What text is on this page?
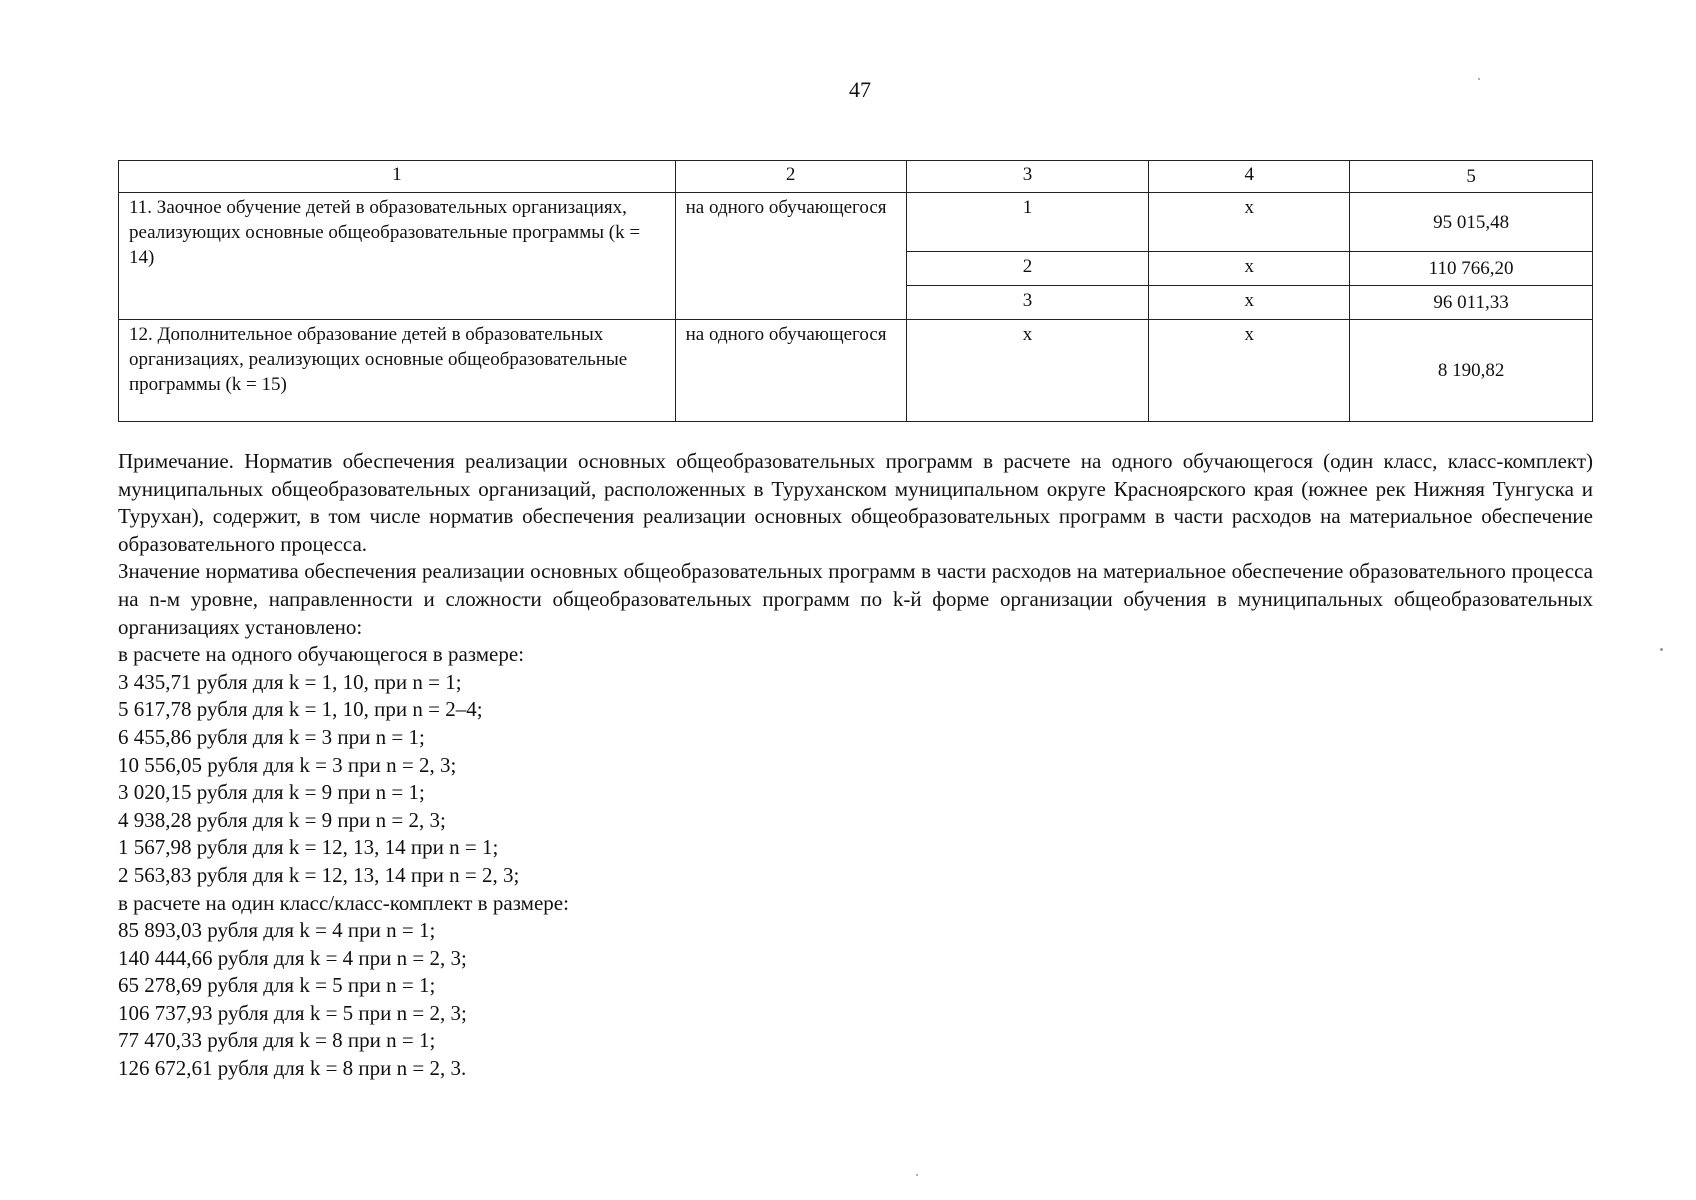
47
1	2	3	4	5
11. Заочное обучение детей в образовательных организациях, реализующих основные общеобразовательные программы (k = 14)	на одного обучающегося	1	х	95 015,48
		2	х	110 766,20
		3	х	96 011,33
12. Дополнительное образование детей в образовательных организациях, реализующих основные общеобразовательные программы (k = 15)	на одного обучающегося	х	х	8 190,82

Примечание. Норматив обеспечения реализации основных общеобразовательных программ в расчете на одного обучающегося (один класс, класс-комплект) муниципальных общеобразовательных организаций, расположенных в Туруханском муниципальном округе Красноярского края (южнее рек Нижняя Тунгуска и Турухан), содержит, в том числе норматив обеспечения реализации основных общеобразовательных программ в части расходов на материальное обеспечение образовательного процесса.

Значение норматива обеспечения реализации основных общеобразовательных программ в части расходов на материальное обеспечение образовательного процесса на n-м уровне, направленности и сложности общеобразовательных программ по k-й форме организации обучения в муниципальных общеобразовательных организациях установлено:

в расчете на одного обучающегося в размере:

3 435,71 рубля для k = 1, 10, при n = 1;

5 617,78 рубля для k = 1, 10, при n = 2–4;

6 455,86 рубля для k = 3 при n = 1;

10 556,05 рубля для k = 3 при n = 2, 3;

3 020,15 рубля для k = 9 при n = 1;

4 938,28 рубля для k = 9 при n = 2, 3;

1 567,98 рубля для k = 12, 13, 14 при n = 1;

2 563,83 рубля для k = 12, 13, 14 при n = 2, 3;

в расчете на один класс/класс-комплект в размере:

85 893,03 рубля для k = 4 при n = 1;

140 444,66 рубля для k = 4 при n = 2, 3;

65 278,69 рубля для k = 5 при n = 1;

106 737,93 рубля для k = 5 при n = 2, 3;

77 470,33 рубля для k = 8 при n = 1;

126 672,61 рубля для k = 8 при n = 2, 3.
